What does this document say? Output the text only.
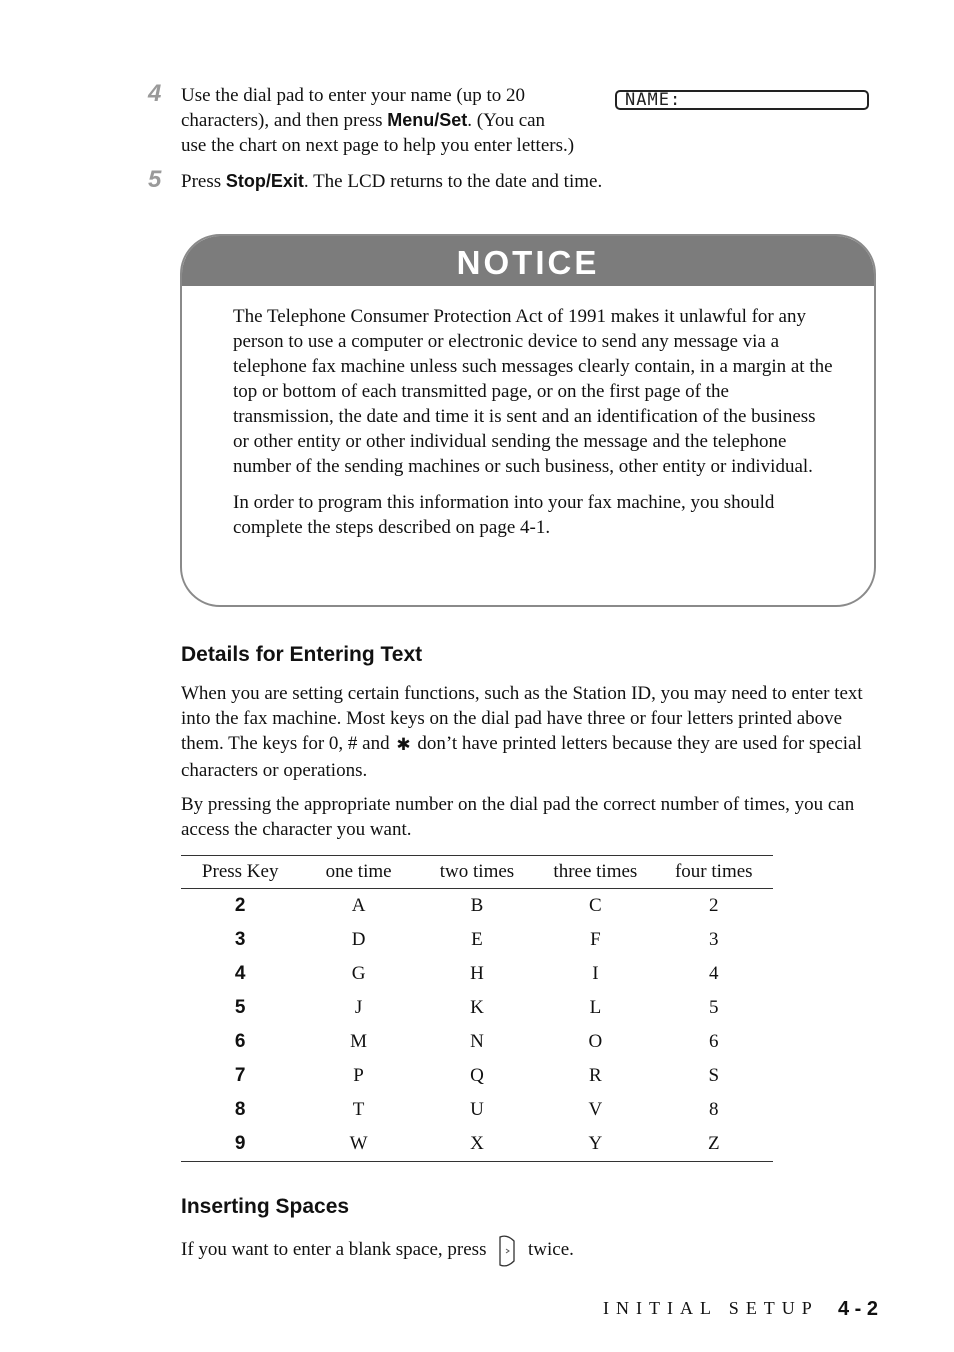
4	Use the dial pad to enter your name (up to 20
characters), and then press Menu/Set. (You can
use the chart on next page to help you enter letters.)
NAME:
5	Press Stop/Exit. The LCD returns to the date and time.
NOTICE

The Telephone Consumer Protection Act of 1991 makes it unlawful for any person to use a computer or electronic device to send any message via a telephone fax machine unless such messages clearly contain, in a margin at the top or bottom of each transmitted page, or on the first page of the transmission, the date and time it is sent and an identification of the business or other entity or other individual sending the message and the telephone number of the sending machines or such business, other entity or individual.

In order to program this information into your fax machine, you should complete the steps described on page 4-1.

Details for Entering Text

When you are setting certain functions, such as the Station ID, you may need to enter text into the fax machine. Most keys on the dial pad have three or four letters printed above them. The keys for 0, # and ✱ don’t have printed letters because they are used for special characters or operations.

By pressing the appropriate number on the dial pad the correct number of times, you can access the character you want.

Press Key	one time	two times	three times	four times
2	A	B	C	2
3	D	E	F	3
4	G	H	I	4
5	J	K	L	5
6	M	N	O	6
7	P	Q	R	S
8	T	U	V	8
9	W	X	Y	Z
Inserting Spaces
If you want to enter a blank space, press  twice.
INITIAL SETUP 4 - 2
